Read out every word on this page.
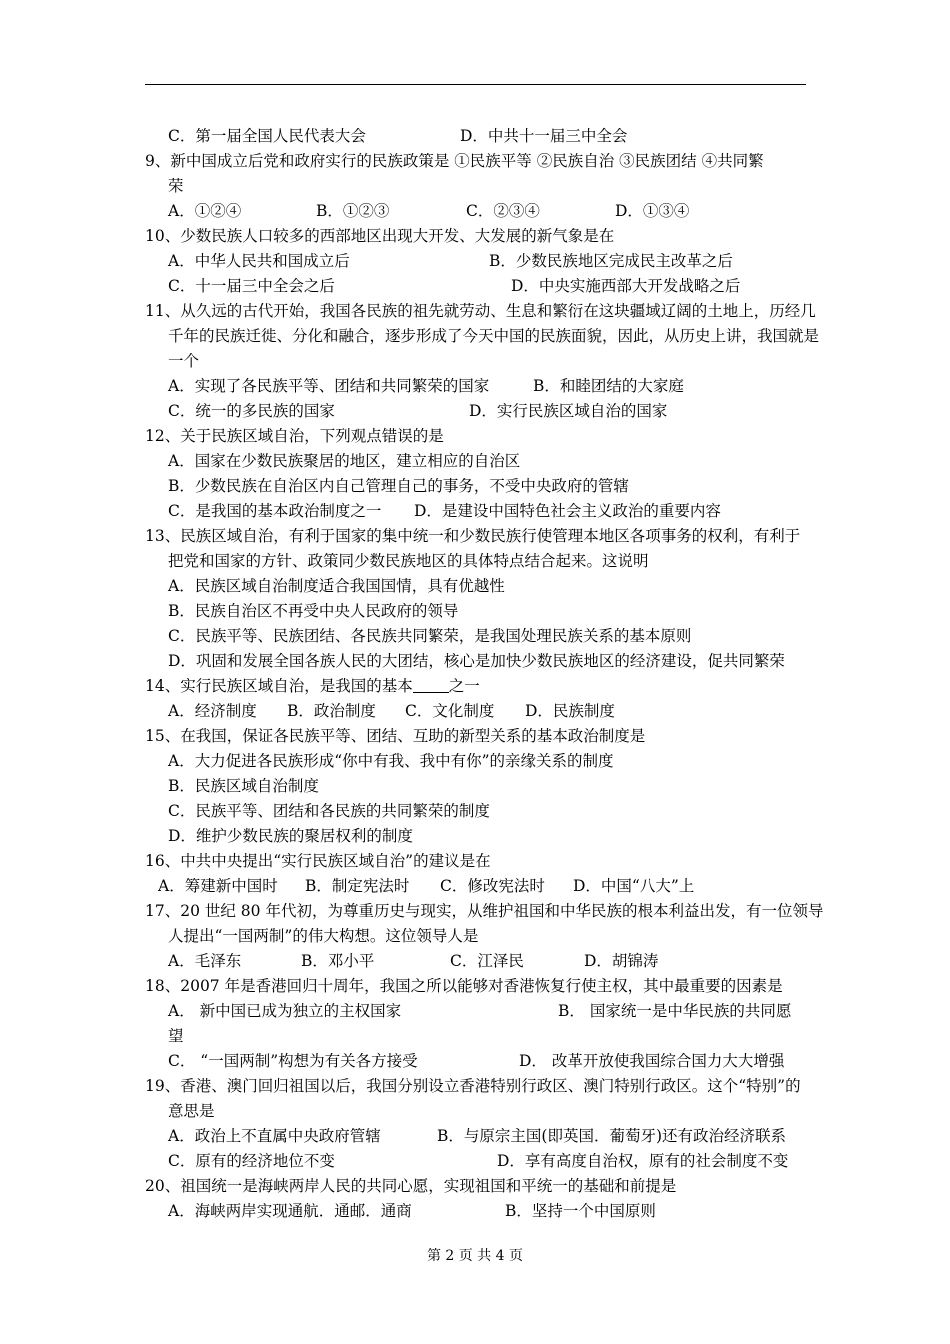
C．第一届全国人民代表大会	D．中共十一届三中全会
9、新中国成立后党和政府实行的民族政策是 ①民族平等 ②民族自治 ③民族团结 ④共同繁
荣
A．①②④	B．①②③	C．②③④	D．①③④
10、少数民族人口较多的西部地区出现大开发、大发展的新气象是在
A．中华人民共和国成立后	B．少数民族地区完成民主改革之后
C．十一届三中全会之后	D．中央实施西部大开发战略之后
11、从久远的古代开始，我国各民族的祖先就劳动、生息和繁衍在这块疆域辽阔的土地上，历经几
千年的民族迁徙、分化和融合，逐步形成了今天中国的民族面貌，因此，从历史上讲，我国就是
一个
A．实现了各民族平等、团结和共同繁荣的国家	B．和睦团结的大家庭
C．统一的多民族的国家	D．实行民族区域自治的国家
12、关于民族区域自治，下列观点错误的是
A．国家在少数民族聚居的地区，建立相应的自治区
B．少数民族在自治区内自己管理自己的事务，不受中央政府的管辖
C．是我国的基本政治制度之一 D．是建设中国特色社会主义政治的重要内容
13、民族区域自治，有利于国家的集中统一和少数民族行使管理本地区各项事务的权利，有利于
把党和国家的方针、政策同少数民族地区的具体特点结合起来。这说明
A．民族区域自治制度适合我国国情，具有优越性
B．民族自治区不再受中央人民政府的领导
C．民族平等、民族团结、各民族共同繁荣，是我国处理民族关系的基本原则
D．巩固和发展全国各族人民的大团结，核心是加快少数民族地区的经济建设，促共同繁荣
14、实行民族区域自治，是我国的基本 之一
A．经济制度 B．政治制度 C．文化制度 D．民族制度
15、在我国，保证各民族平等、团结、互助的新型关系的基本政治制度是
A．大力促进各民族形成“你中有我、我中有你”的亲缘关系的制度
B．民族区域自治制度
C．民族平等、团结和各民族的共同繁荣的制度
D．维护少数民族的聚居权利的制度
16、中共中央提出“实行民族区域自治”的建议是在
A．筹建新中国时 B．制定宪法时 C．修改宪法时 D．中国“八大”上
17、20 世纪 80 年代初，为尊重历史与现实，从维护祖国和中华民族的根本利益出发，有一位领导
人提出“一国两制”的伟大构想。这位领导人是
A．毛泽东	B．邓小平	C．江泽民	D．胡锦涛
18、2007 年是香港回归十周年，我国之所以能够对香港恢复行使主权，其中最重要的因素是
A． 新中国已成为独立的主权国家	B． 国家统一是中华民族的共同愿
望
C． “一国两制”构想为有关各方接受	D． 改革开放使我国综合国力大大增强
19、香港、澳门回归祖国以后，我国分别设立香港特别行政区、澳门特别行政区。这个“特别”的
意思是
A．政治上不直属中央政府管辖	B．与原宗主国(即英国．葡萄牙)还有政治经济联系
C．原有的经济地位不变	D．享有高度自治权，原有的社会制度不变
20、祖国统一是海峡两岸人民的共同心愿，实现祖国和平统一的基础和前提是
A．海峡两岸实现通航．通邮．通商	B．坚持一个中国原则
第 2 页 共 4 页
